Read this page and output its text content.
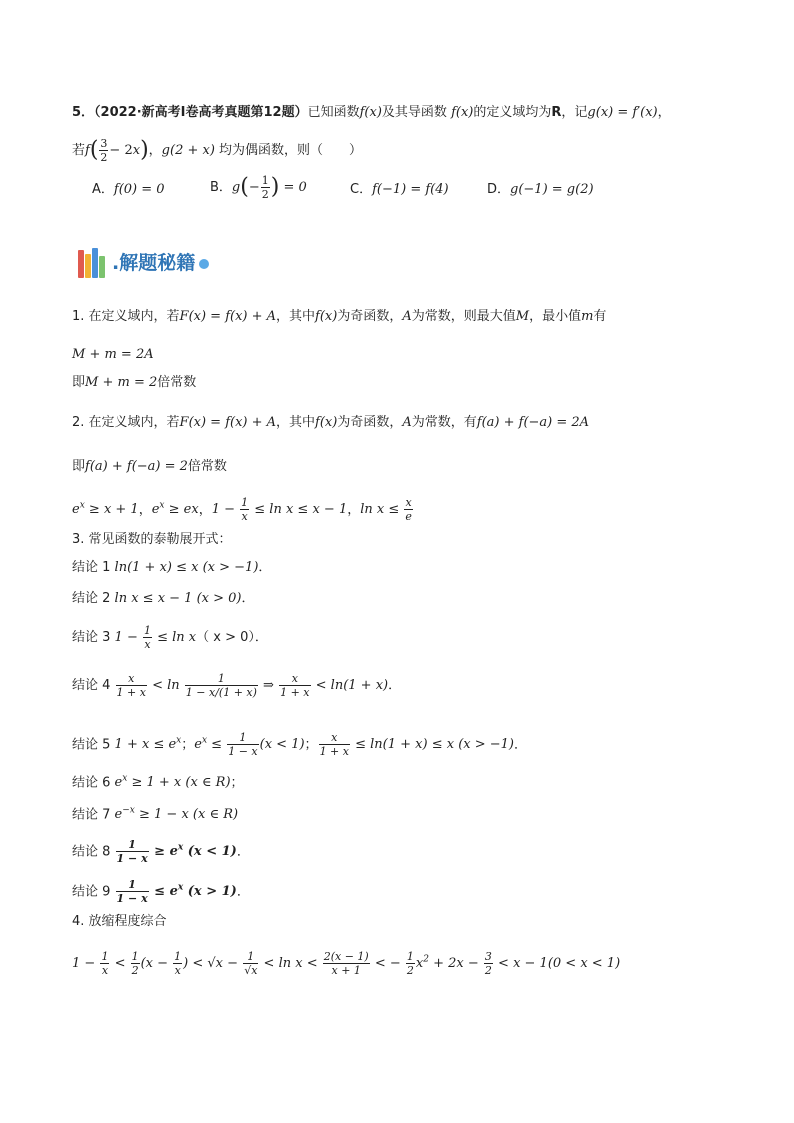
5．（2022·新高考Ⅰ卷高考真题第12题）已知函数f(x)及其导函数 f(x)的定义域均为R，记g(x) = f′(x)，
若$f( \frac{3}{2} - 2x)$，g(2 + x) 均为偶函数，则（　　）
A．f(0) = 0	B．$g(- \frac{1}{2}$ ) = 0	C．f(−1) = f(4)	D．g(−1) = g(2)
.解题秘籍
1. 在定义域内，若F(x) = f(x) + A，其中f(x)为奇函数，A为常数，则最大值M，最小值m有
M + m = 2A
即M + m = 2倍常数
2. 在定义域内，若F(x) = f(x) + A，其中f(x)为奇函数，A为常数，有f(a) + f(−a) = 2A
即f(a) + f(−a) = 2倍常数
$e^x \ge x + 1$，$e^x$ ≥ ex，$1 - \frac{1}{x} \le \ln x \le x - 1$，$\ln x \le \frac{x}{e}$
3. 常见函数的泰勒展开式：
结论 1 ln(1 + x) ≤ x (x > −1)．
结论 2 ln x ≤ x − 1 (x > 0)．
结论 3 $1 - \frac{1}{x} \le \ln x$（ x > 0）．
结论 $4 \frac{x}{1 + x} < \ln \frac{1}{1 - x/(1 + x)}$ ⇒ $\frac{x}{1 + x} < \ln(1 + x)$．
结论 5 $1 + x \le e^x$；$e^x \le \frac{1}{1 - x} (x < 1)$； $\frac{x}{1 + x} \le \ln(1 + x) \le x$ (x > −1)．
结论 6 $e^x \ge 1 + x$ (x ∈ R)；
结论 7 $e^{-x} \ge 1 - x$ (x ∈ R)
结论 $8 \frac{1}{1 - x} \ge e^x$ (x < 1)．
结论 $9 \frac{1}{1 - x} \le e^x$ (x > 1)．
4. 放缩程度综合
$1 - \frac{1}{x} < \frac{1}{2} (x - \frac{1}{x}$ ) < $√x - \frac{1}{√x} < \ln x < \frac{2(x - 1)}{x + 1}$ < − $\frac{1}{2} x^2 + 2x - \frac{3}{2} < x - 1(0 < x < 1)$
